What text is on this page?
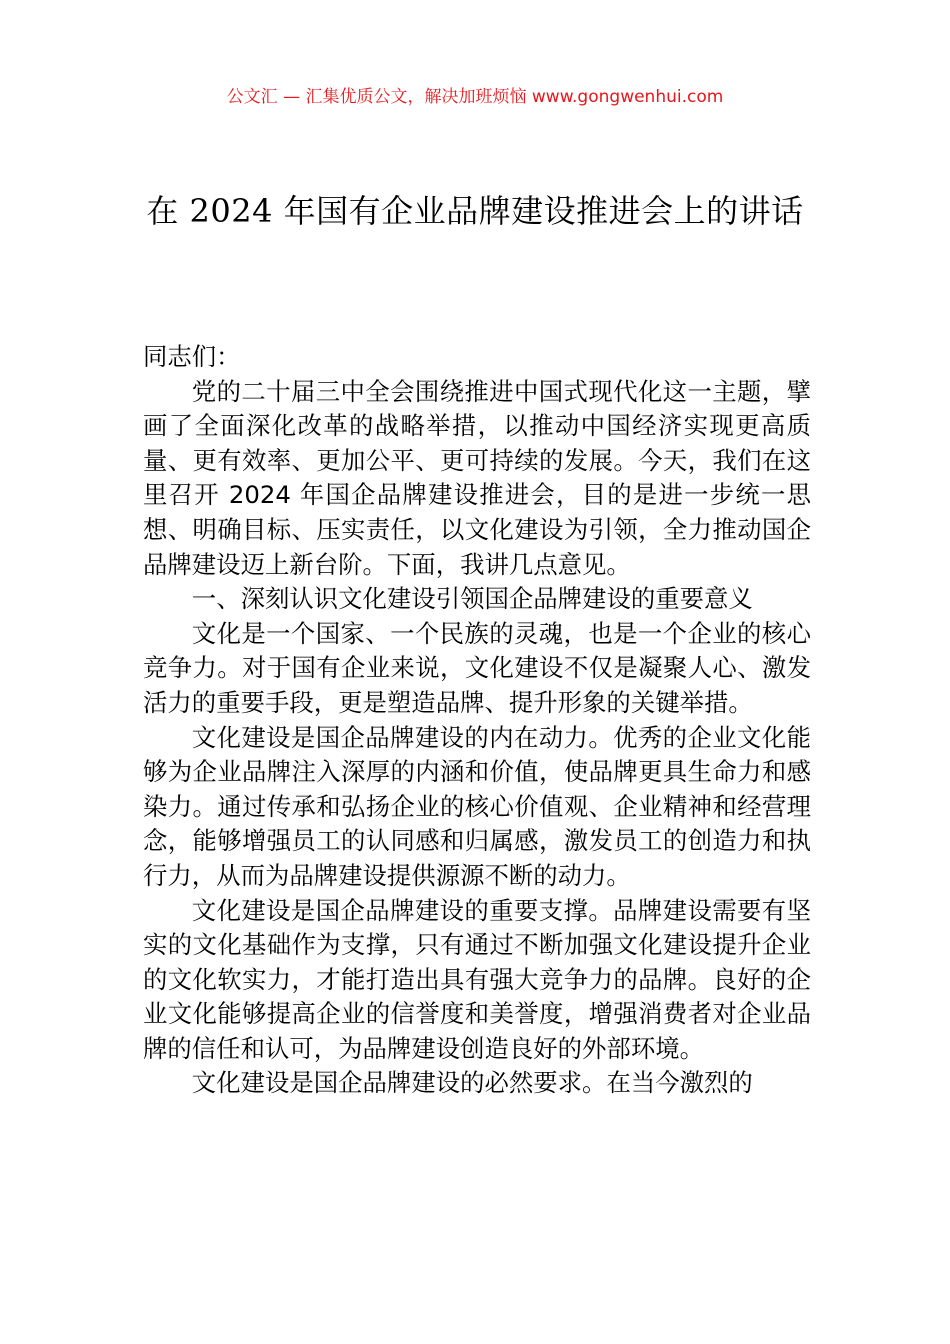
公文汇 — 汇集优质公文，解决加班烦恼 www.gongwenhui.com
在 2024 年国有企业品牌建设推进会上的讲话

同志们：

党的二十届三中全会围绕推进中国式现代化这一主题，擘画了全面深化改革的战略举措，以推动中国经济实现更高质量、更有效率、更加公平、更可持续的发展。今天，我们在这里召开 2024 年国企品牌建设推进会，目的是进一步统一思想、明确目标、压实责任，以文化建设为引领，全力推动国企品牌建设迈上新台阶。下面，我讲几点意见。

一、深刻认识文化建设引领国企品牌建设的重要意义

文化是一个国家、一个民族的灵魂，也是一个企业的核心竞争力。对于国有企业来说，文化建设不仅是凝聚人心、激发活力的重要手段，更是塑造品牌、提升形象的关键举措。

文化建设是国企品牌建设的内在动力。优秀的企业文化能够为企业品牌注入深厚的内涵和价值，使品牌更具生命力和感染力。通过传承和弘扬企业的核心价值观、企业精神和经营理念，能够增强员工的认同感和归属感，激发员工的创造力和执行力，从而为品牌建设提供源源不断的动力。

文化建设是国企品牌建设的重要支撑。品牌建设需要有坚实的文化基础作为支撑，只有通过不断加强文化建设提升企业的文化软实力，才能打造出具有强大竞争力的品牌。良好的企业文化能够提高企业的信誉度和美誉度，增强消费者对企业品牌的信任和认可，为品牌建设创造良好的外部环境。

文化建设是国企品牌建设的必然要求。在当今激烈的
